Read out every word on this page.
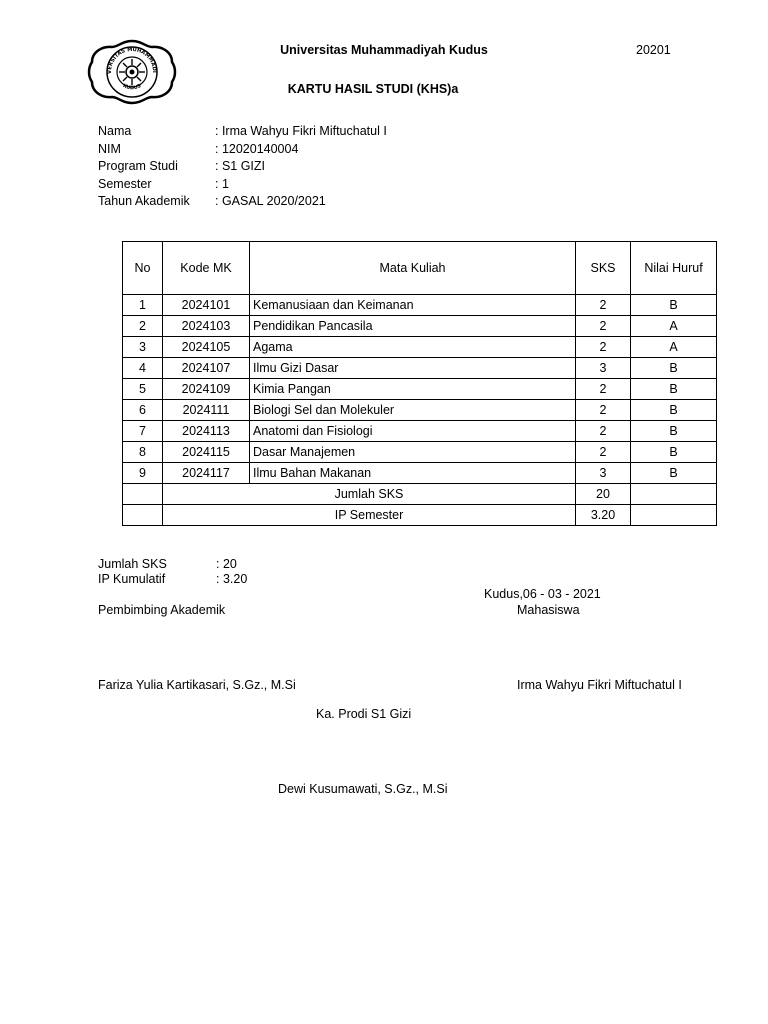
VERSITAS MUHAMMADI
KUDUS
Universitas Muhammadiyah Kudus	20201
KARTU HASIL STUDI (KHS)a
Nama	: Irma Wahyu Fikri Miftuchatul I
NIM	: 12020140004
Program Studi	: S1 GIZI
Semester	: 1
Tahun Akademik	: GASAL 2020/2021
No	Kode MK	Mata Kuliah	SKS	Nilai Huruf
1	2024101	Kemanusiaan dan Keimanan	2	B
2	2024103	Pendidikan Pancasila	2	A
3	2024105	Agama	2	A
4	2024107	Ilmu Gizi Dasar	3	B
5	2024109	Kimia Pangan	2	B
6	2024111	Biologi Sel dan Molekuler	2	B
7	2024113	Anatomi dan Fisiologi	2	B
8	2024115	Dasar Manajemen	2	B
9	2024117	Ilmu Bahan Makanan	3	B
	Jumlah SKS		20	
	IP Semester		3.20	
Jumlah SKS	: 20
IP Kumulatif	: 3.20
Kudus,06 - 03 - 2021
Mahasiswa
Pembimbing Akademik
Fariza Yulia Kartikasari, S.Gz., M.Si	Irma Wahyu Fikri Miftuchatul I
Ka. Prodi S1 Gizi
Dewi Kusumawati, S.Gz., M.Si
